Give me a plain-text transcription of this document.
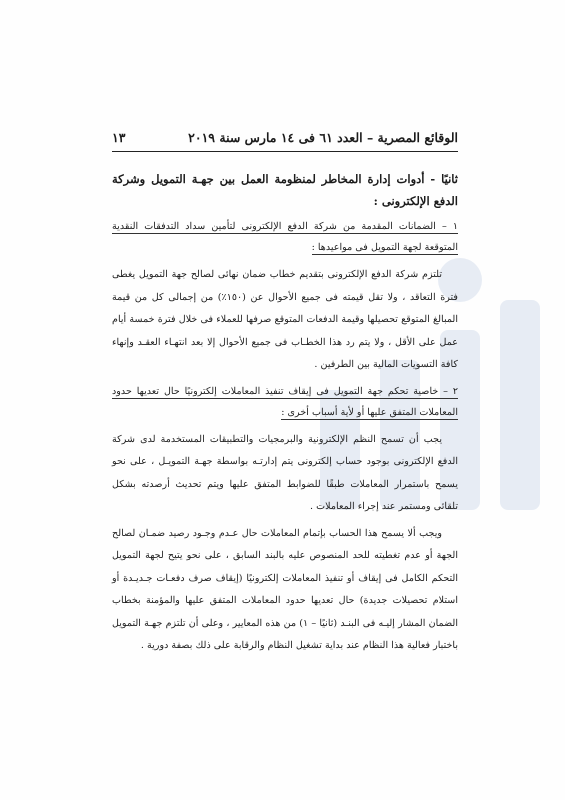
الوقائع المصرية – العدد ٦١ فى ١٤ مارس سنة ٢٠١٩
١٣

ثانيًا - أدوات إدارة المخاطر لمنظومة العمل بين جهـة التمويل وشركة الدفع الإلكترونى :

١ – الضمانات المقدمة من شركة الدفع الإلكترونى لتأمين سداد التدفقات النقدية المتوقعة لجهة التمويل فى مواعيدها :

تلتزم شركة الدفع الإلكترونى بتقديم خطاب ضمان نهائى لصالح جهة التمويل يغطى فترة التعاقد ، ولا تقل قيمته فى جميع الأحوال عن (١٥٠٪) من إجمالى كل من قيمة المبالغ المتوقع تحصيلها وقيمة الدفعات المتوقع صرفها للعملاء فى خلال فترة خمسة أيام عمل على الأقل ، ولا يتم رد هذا الخطـاب فى جميع الأحوال إلا بعد انتهـاء العقـد وإنهاء كافة التسويات المالية بين الطرفين .

٢ – خاصية تحكم جهة التمويل فى إيقاف تنفيذ المعاملات إلكترونيًا حال تعديها حدود المعاملات المتفق عليها أو لأية أسباب أخرى :

يجب أن تسمح النظم الإلكترونية والبرمجيات والتطبيقات المستخدمة لدى شركة الدفع الإلكترونى بوجود حساب إلكترونى يتم إدارتـه بواسطة جهـة التمويـل ، على نحو يسمح باستمرار المعاملات طبقًا للضوابط المتفق عليها ويتم تحديث أرصدته بشكل تلقائى ومستمر عند إجراء المعاملات .

ويجب ألا يسمح هذا الحساب بإتمام المعاملات حال عـدم وجـود رصيد ضمـان لصالح الجهة أو عدم تغطيته للحد المنصوص عليه بالبند السابق ، على نحو يتيح لجهة التمويل التحكم الكامل فى إيقاف أو تنفيذ المعاملات إلكترونيًا (إيقاف صرف دفعـات جـديـدة أو استلام تحصيلات جديدة) حال تعديها حدود المعاملات المتفق عليها والمؤمنة بخطاب الضمان المشار إليـه فى البنـد (ثانيًا – ١) من هذه المعايير ، وعلى أن تلتزم جهـة التمويل باختبار فعالية هذا النظام عند بداية تشغيل النظام والرقابة على ذلك بصفة دورية .
